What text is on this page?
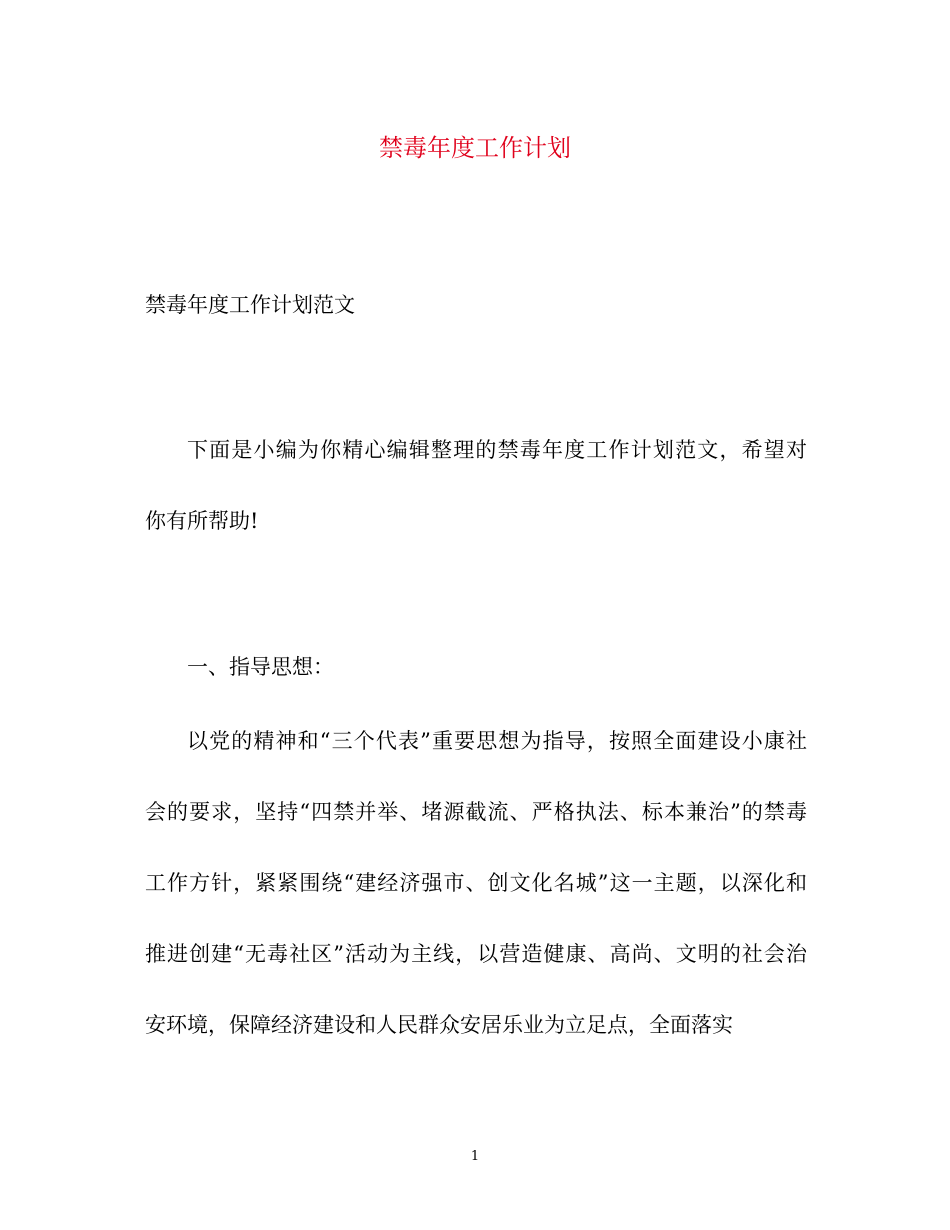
禁毒年度工作计划

禁毒年度工作计划范文

下面是小编为你精心编辑整理的禁毒年度工作计划范文，希望对
你有所帮助!

一、指导思想：

以党的精神和“三个代表”重要思想为指导，按照全面建设小康社
会的要求，坚持“四禁并举、堵源截流、严格执法、标本兼治”的禁毒
工作方针，紧紧围绕“建经济强市、创文化名城”这一主题，以深化和
推进创建“无毒社区”活动为主线，以营造健康、高尚、文明的社会治
安环境，保障经济建设和人民群众安居乐业为立足点，全面落实
1
